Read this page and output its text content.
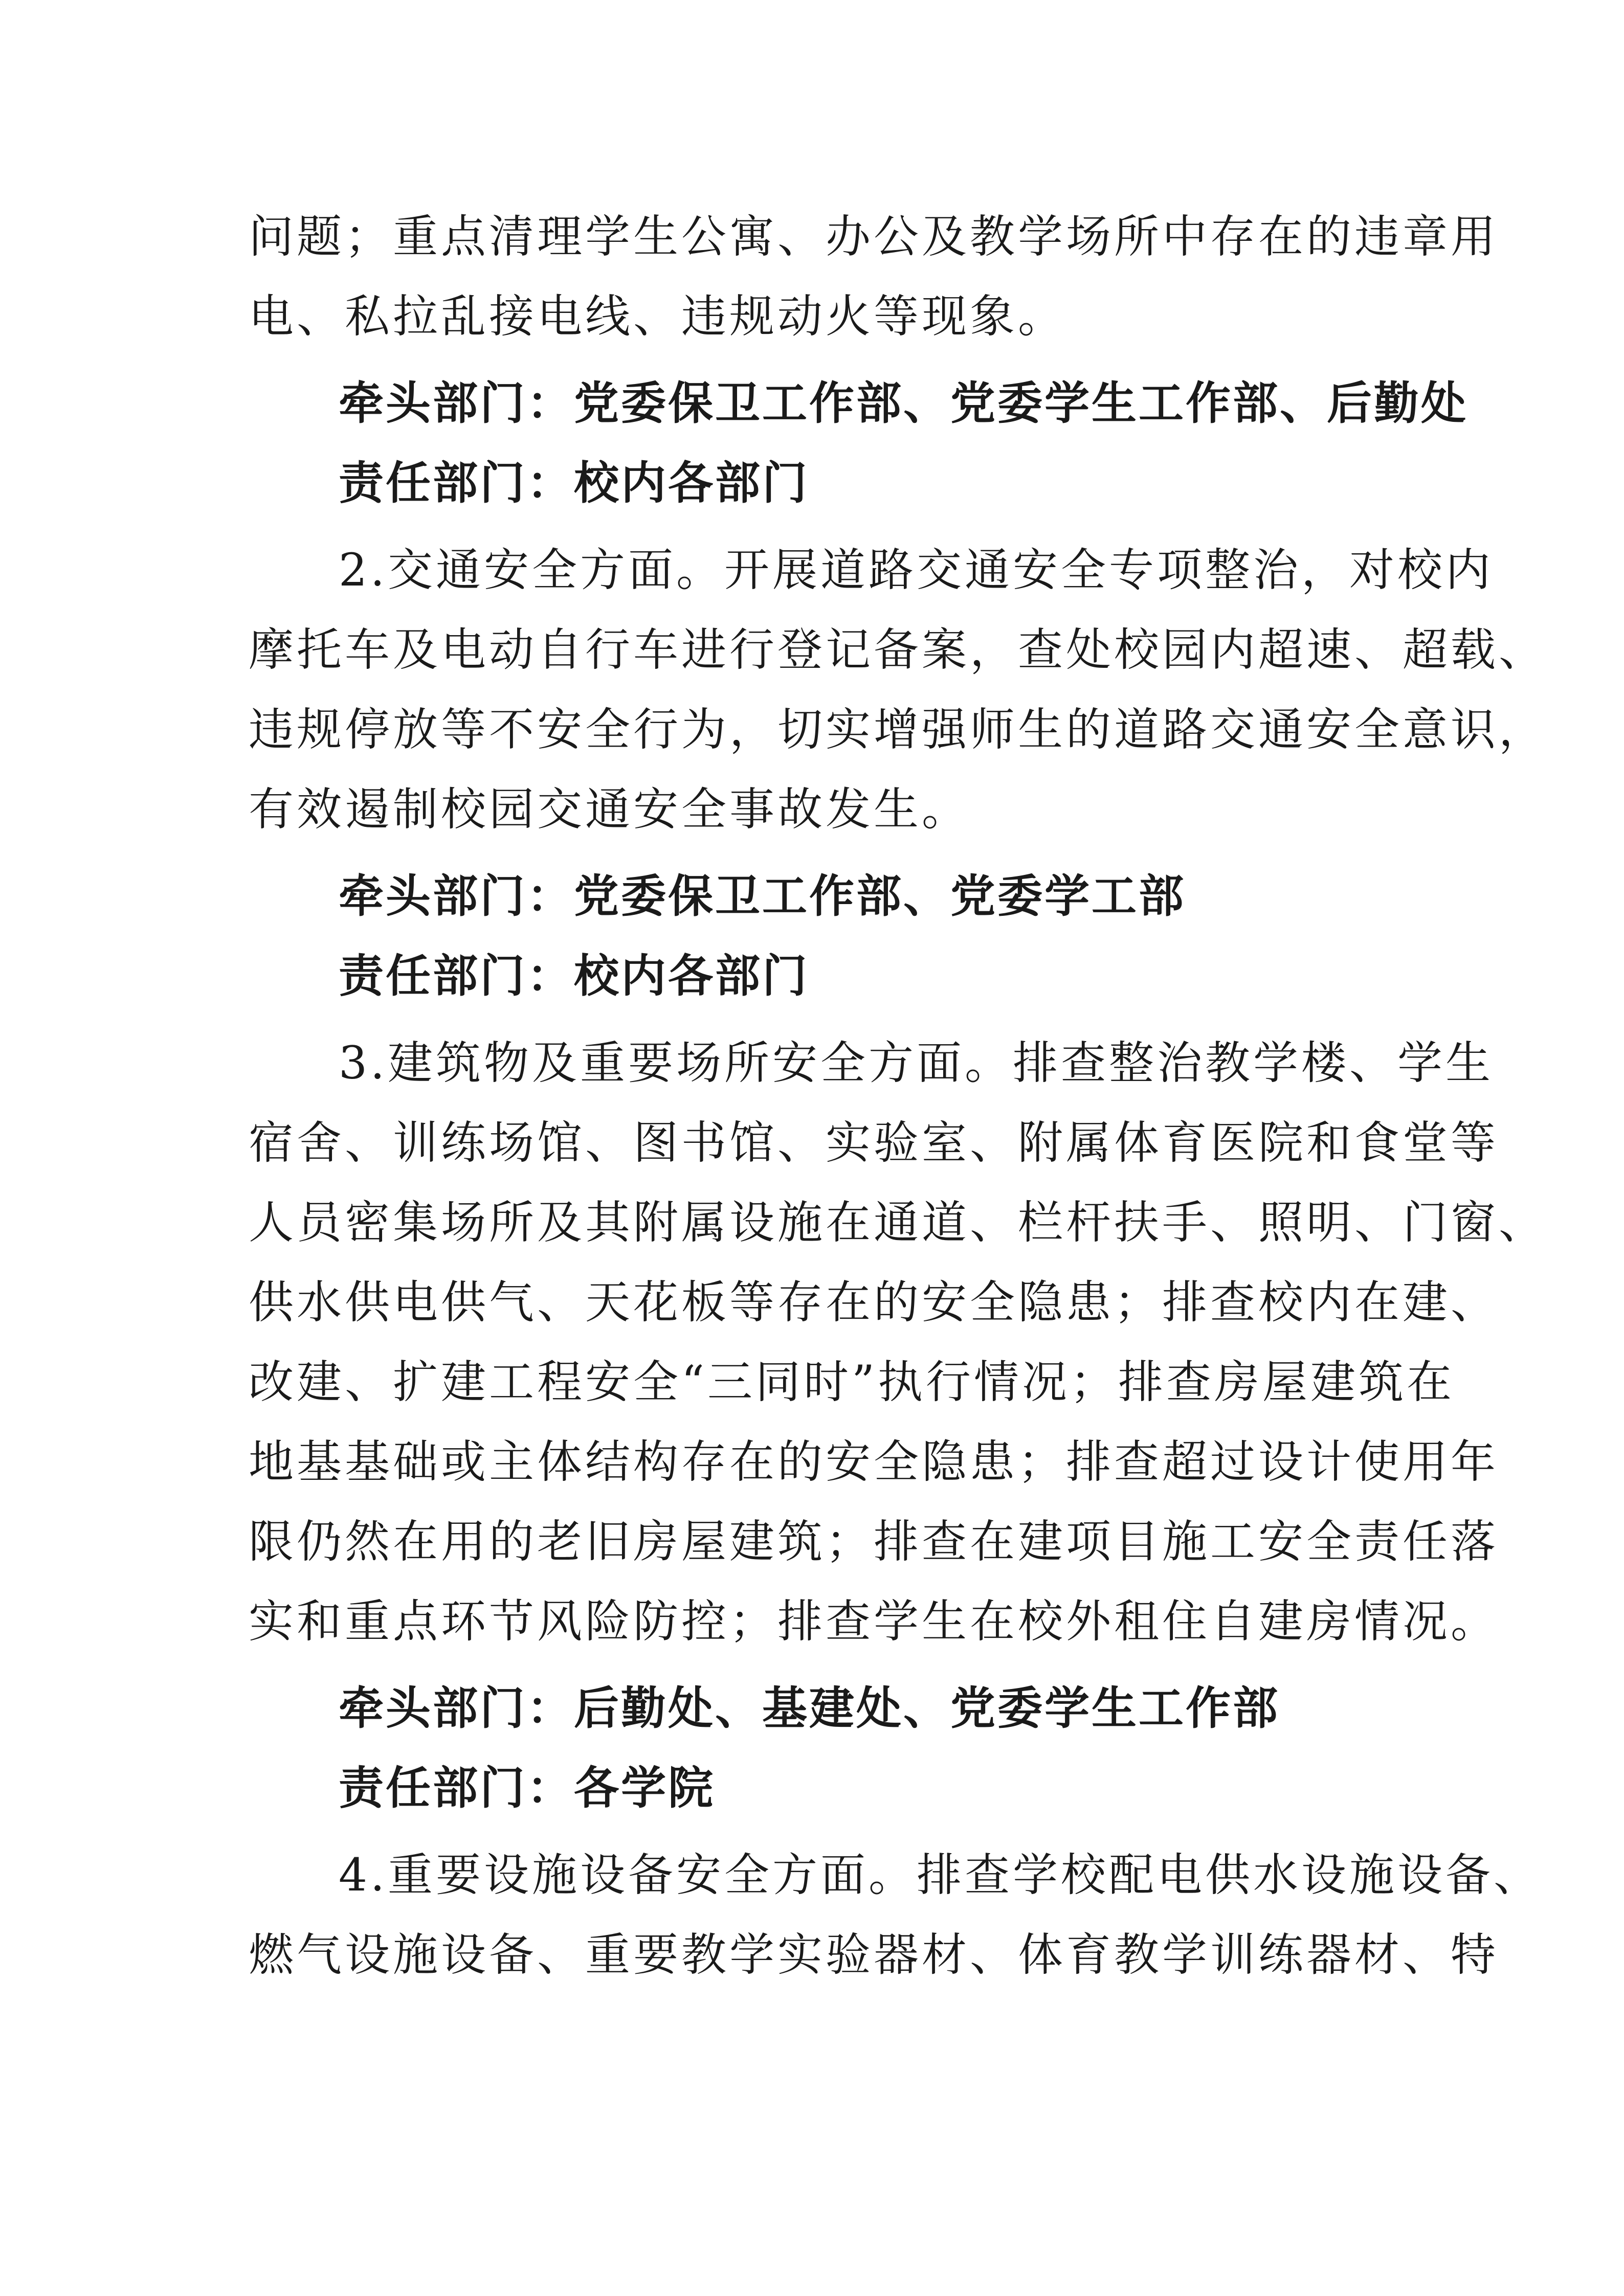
问题；重点清理学生公寓、办公及教学场所中存在的违章用
电、私拉乱接电线、违规动火等现象。
牵头部门：党委保卫工作部、党委学生工作部、后勤处
责任部门：校内各部门
2.交通安全方面。开展道路交通安全专项整治，对校内
摩托车及电动自行车进行登记备案，查处校园内超速、超载、
违规停放等不安全行为，切实增强师生的道路交通安全意识，
有效遏制校园交通安全事故发生。
牵头部门：党委保卫工作部、党委学工部
责任部门：校内各部门
3.建筑物及重要场所安全方面。排查整治教学楼、学生
宿舍、训练场馆、图书馆、实验室、附属体育医院和食堂等
人员密集场所及其附属设施在通道、栏杆扶手、照明、门窗、
供水供电供气、天花板等存在的安全隐患；排查校内在建、
改建、扩建工程安全“三同时”执行情况；排查房屋建筑在
地基基础或主体结构存在的安全隐患；排查超过设计使用年
限仍然在用的老旧房屋建筑；排查在建项目施工安全责任落
实和重点环节风险防控；排查学生在校外租住自建房情况。
牵头部门：后勤处、基建处、党委学生工作部
责任部门：各学院
4.重要设施设备安全方面。排查学校配电供水设施设备、
燃气设施设备、重要教学实验器材、体育教学训练器材、特
